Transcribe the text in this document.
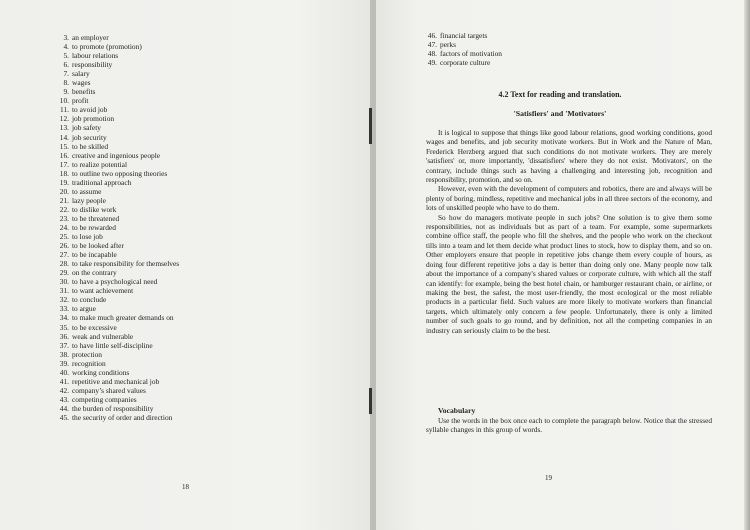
3. an employer
4. to promote (promotion)
5. labour relations
6. responsibility
7. salary
8. wages
9. benefits
10. profit
11. to avoid job
12. job promotion
13. job safety
14. job security
15. to be skilled
16. creative and ingenious people
17. to realize potential
18. to outline two opposing theories
19. traditional approach
20. to assume
21. lazy people
22. to dislike work
23. to be threatened
24. to be rewarded
25. to lose job
26. to be looked after
27. to be incapable
28. to take responsibility for themselves
29. on the contrary
30. to have a psychological need
31. to want achievement
32. to conclude
33. to argue
34. to make much greater demands on
35. to be excessive
36. weak and vulnerable
37. to have little self-discipline
38. protection
39. recognition
40. working conditions
41. repetitive and mechanical job
42. company’s shared values
43. competing companies
44. the burden of responsibility
45. the security of order and direction
18
46. financial targets
47. perks
48. factors of motivation
49. corporate culture
4.2 Text for reading and translation.
'Satisfiers' and 'Motivators'

It is logical to suppose that things like good labour relations, good working conditions, good wages and benefits, and job security motivate workers. But in Work and the Nature of Man, Frederick Herzberg argued that such conditions do not motivate workers. They are merely 'satisfiers' or, more importantly, 'dissatisfiers' where they do not exist. 'Motivators', on the contrary, include things such as having a challenging and interesting job, recognition and responsibility, promotion, and so on.

However, even with the development of computers and robotics, there are and always will be plenty of boring, mindless, repetitive and mechanical jobs in all three sectors of the economy, and lots of unskilled people who have to do them.

So how do managers motivate people in such jobs? One solution is to give them some responsibilities, not as individuals but as part of a team. For example, some supermarkets combine office staff, the people who fill the shelves, and the people who work on the checkout tills into a team and let them decide what product lines to stock, how to display them, and so on. Other employers ensure that people in repetitive jobs change them every couple of hours, as doing four different repetitive jobs a day is better than doing only one. Many people now talk about the importance of a company's shared values or corporate culture, with which all the staff can identify: for example, being the best hotel chain, or hamburger restaurant chain, or airline, or making the best, the safest, the most user-friendly, the most ecological or the most reliable products in a particular field. Such values are more likely to motivate workers than financial targets, which ultimately only concern a few people. Unfortunately, there is only a limited number of such goals to go round, and by definition, not all the competing companies in an industry can seriously claim to be the best.

Vocabulary

Use the words in the box once each to complete the paragraph below. Notice that the stressed syllable changes in this group of words.

19
